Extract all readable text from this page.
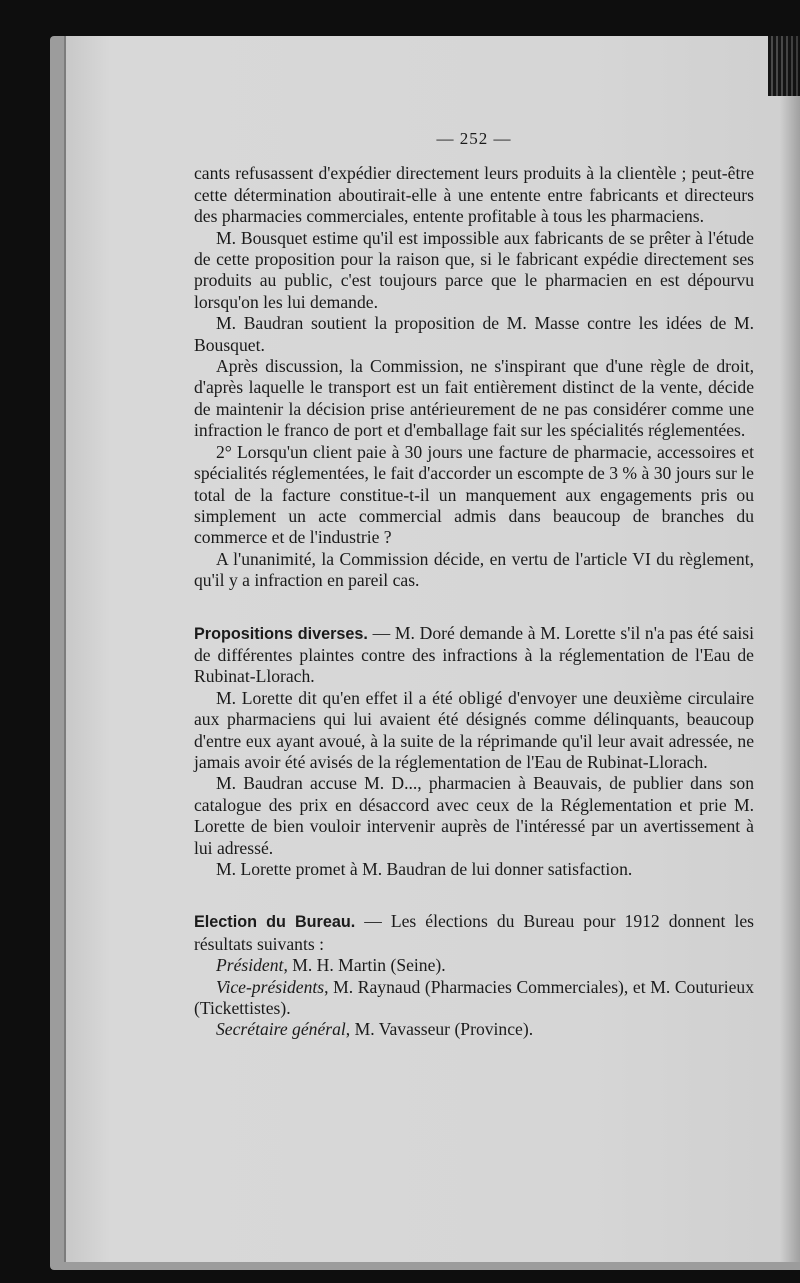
— 252 —

cants refusassent d'expédier directement leurs produits à la clientèle ; peut-être cette détermination aboutirait-elle à une entente entre fabricants et directeurs des pharmacies commerciales, entente profitable à tous les pharmaciens.

M. Bousquet estime qu'il est impossible aux fabricants de se prêter à l'étude de cette proposition pour la raison que, si le fabricant expédie directement ses produits au public, c'est toujours parce que le pharmacien en est dépourvu lorsqu'on les lui demande.

M. Baudran soutient la proposition de M. Masse contre les idées de M. Bousquet.

Après discussion, la Commission, ne s'inspirant que d'une règle de droit, d'après laquelle le transport est un fait entièrement distinct de la vente, décide de maintenir la décision prise antérieurement de ne pas considérer comme une infraction le franco de port et d'emballage fait sur les spécialités réglementées.

2° Lorsqu'un client paie à 30 jours une facture de pharmacie, accessoires et spécialités réglementées, le fait d'accorder un escompte de 3 % à 30 jours sur le total de la facture constitue-t-il un manquement aux engagements pris ou simplement un acte commercial admis dans beaucoup de branches du commerce et de l'industrie ?

A l'unanimité, la Commission décide, en vertu de l'article VI du règlement, qu'il y a infraction en pareil cas.

Propositions diverses. — M. Doré demande à M. Lorette s'il n'a pas été saisi de différentes plaintes contre des infractions à la réglementation de l'Eau de Rubinat-Llorach.

M. Lorette dit qu'en effet il a été obligé d'envoyer une deuxième circulaire aux pharmaciens qui lui avaient été désignés comme délinquants, beaucoup d'entre eux ayant avoué, à la suite de la réprimande qu'il leur avait adressée, ne jamais avoir été avisés de la réglementation de l'Eau de Rubinat-Llorach.

M. Baudran accuse M. D..., pharmacien à Beauvais, de publier dans son catalogue des prix en désaccord avec ceux de la Réglementation et prie M. Lorette de bien vouloir intervenir auprès de l'intéressé par un avertissement à lui adressé.

M. Lorette promet à M. Baudran de lui donner satisfaction.

Election du Bureau. — Les élections du Bureau pour 1912 donnent les résultats suivants :

Président, M. H. Martin (Seine).

Vice-présidents, M. Raynaud (Pharmacies Commerciales), et M. Couturieux (Tickettistes).

Secrétaire général, M. Vavasseur (Province).
